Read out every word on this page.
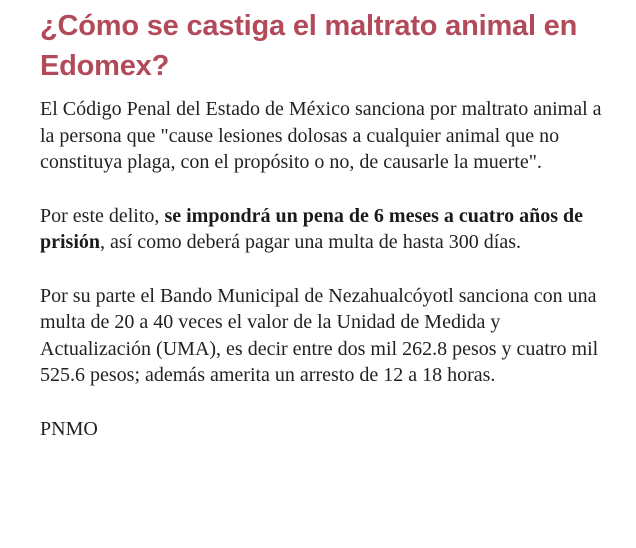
¿Cómo se castiga el maltrato animal en Edomex?

El Código Penal del Estado de México sanciona por maltrato animal a la persona que "cause lesiones dolosas a cualquier animal que no constituya plaga, con el propósito o no, de causarle la muerte".

Por este delito, se impondrá un pena de 6 meses a cuatro años de prisión, así como deberá pagar una multa de hasta 300 días.

Por su parte el Bando Municipal de Nezahualcóyotl sanciona con una multa de 20 a 40 veces el valor de la Unidad de Medida y Actualización (UMA), es decir entre dos mil 262.8 pesos y cuatro mil 525.6 pesos; además amerita un arresto de 12 a 18 horas.

PNMO
